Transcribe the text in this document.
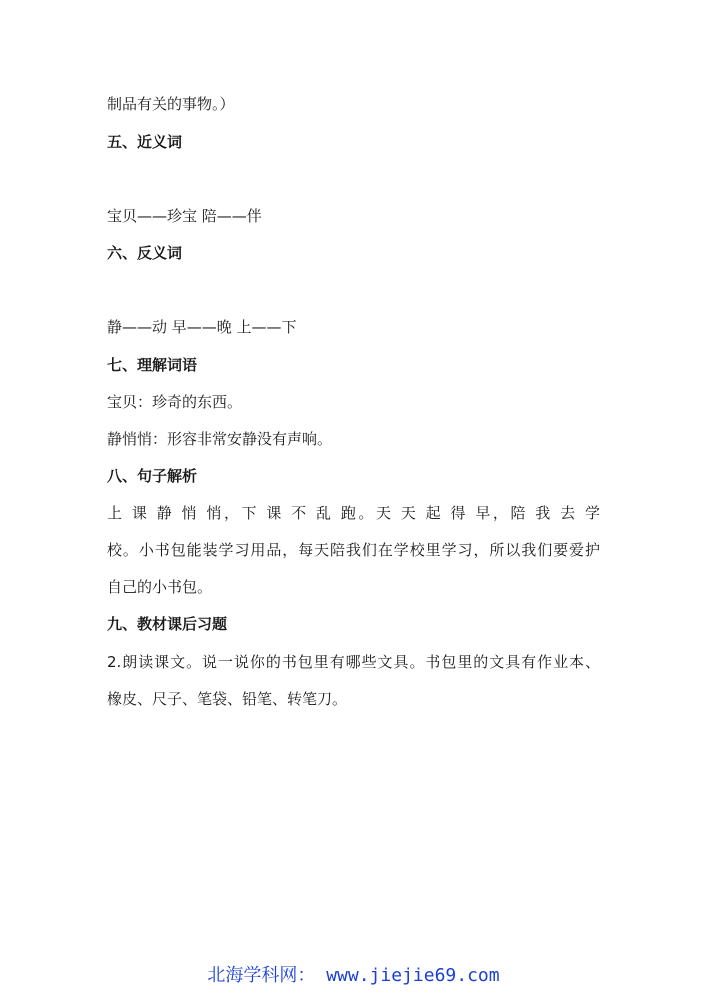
制品有关的事物。）
五、近义词
宝贝——珍宝 陪——伴
六、反义词
静——动 早——晚 上——下
七、理解词语
宝贝：珍奇的东西。
静悄悄：形容非常安静没有声响。
八、句子解析
上 课 静 悄 悄，下 课 不 乱 跑。天 天 起 得 早，陪 我 去 学
校。小书包能装学习用品，每天陪我们在学校里学习，所以我们要爱护
自己的小书包。
九、教材课后习题
2.朗读课文。说一说你的书包里有哪些文具。书包里的文具有作业本、
橡皮、尺子、笔袋、铅笔、转笔刀。
北海学科网： www.jiejie69.com
